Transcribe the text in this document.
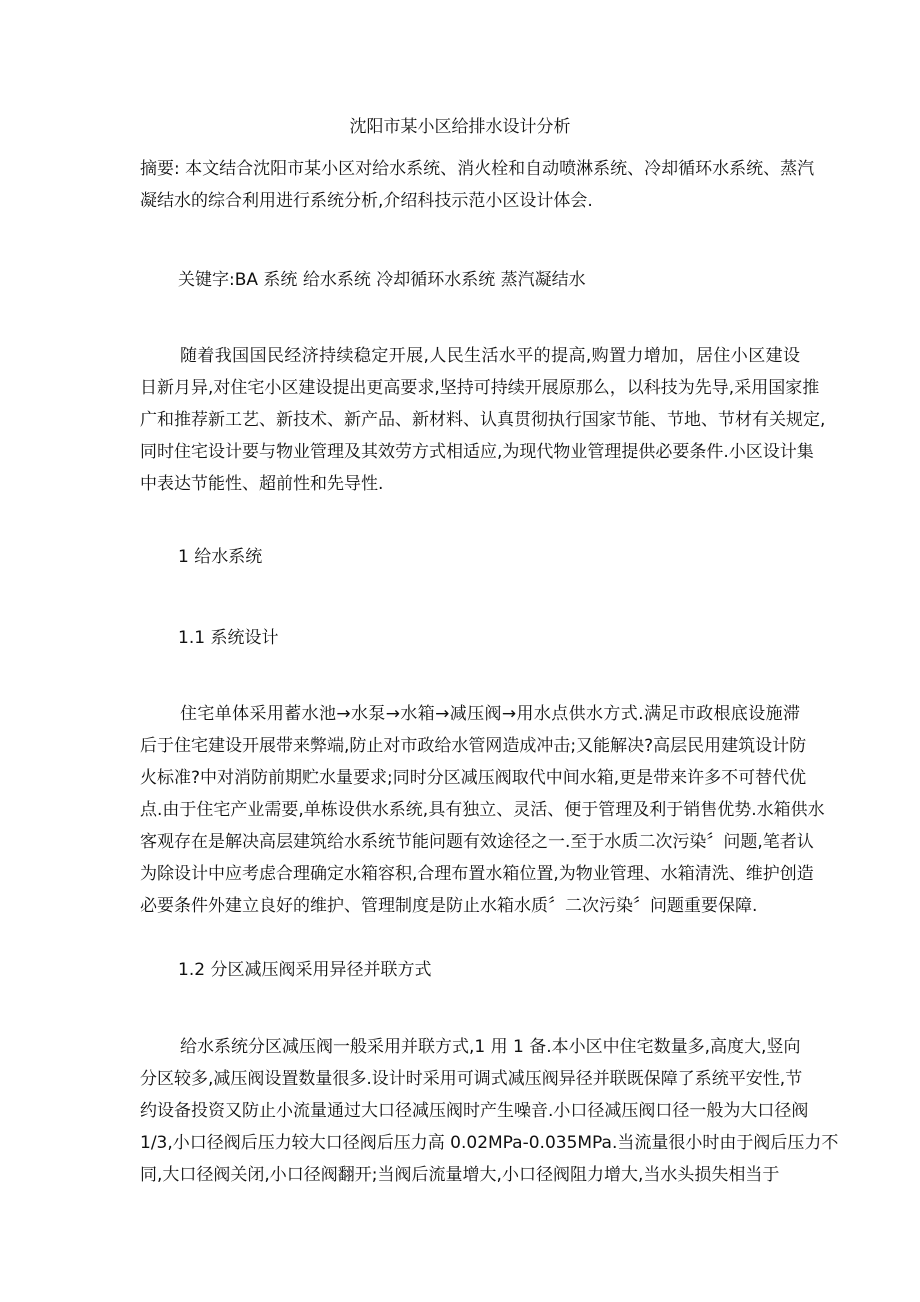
沈阳市某小区给排水设计分析
摘要: 本文结合沈阳市某小区对给水系统、消火栓和自动喷淋系统、冷却循环水系统、蒸汽
凝结水的综合利用进行系统分析,介绍科技示范小区设计体会.
关键字:BA 系统 给水系统 冷却循环水系统 蒸汽凝结水
随着我国国民经济持续稳定开展,人民生活水平的提高,购置力增加，居住小区建设
日新月异,对住宅小区建设提出更高要求,坚持可持续开展原那么，以科技为先导,采用国家推
广和推荐新工艺、新技术、新产品、新材料、认真贯彻执行国家节能、节地、节材有关规定,
同时住宅设计要与物业管理及其效劳方式相适应,为现代物业管理提供必要条件.小区设计集
中表达节能性、超前性和先导性.
1 给水系统
1.1 系统设计
住宅单体采用蓄水池→水泵→水箱→减压阀→用水点供水方式.满足市政根底设施滞
后于住宅建设开展带来弊端,防止对市政给水管网造成冲击;又能解决?高层民用建筑设计防
火标准?中对消防前期贮水量要求;同时分区减压阀取代中间水箱,更是带来许多不可替代优
点.由于住宅产业需要,单栋设供水系统,具有独立、灵活、便于管理及利于销售优势.水箱供水
客观存在是解决高层建筑给水系统节能问题有效途径之一.至于水质二次污染〞问题,笔者认
为除设计中应考虑合理确定水箱容积,合理布置水箱位置,为物业管理、水箱清洗、维护创造
必要条件外建立良好的维护、管理制度是防止水箱水质〞二次污染〞问题重要保障.
1.2 分区减压阀采用异径并联方式
给水系统分区减压阀一般采用并联方式,1 用 1 备.本小区中住宅数量多,高度大,竖向
分区较多,减压阀设置数量很多.设计时采用可调式减压阀异径并联既保障了系统平安性,节
约设备投资又防止小流量通过大口径减压阀时产生噪音.小口径减压阀口径一般为大口径阀
1/3,小口径阀后压力较大口径阀后压力高 0.02MPa-0.035MPa.当流量很小时由于阀后压力不
同,大口径阀关闭,小口径阀翻开;当阀后流量增大,小口径阀阻力增大,当水头损失相当于
